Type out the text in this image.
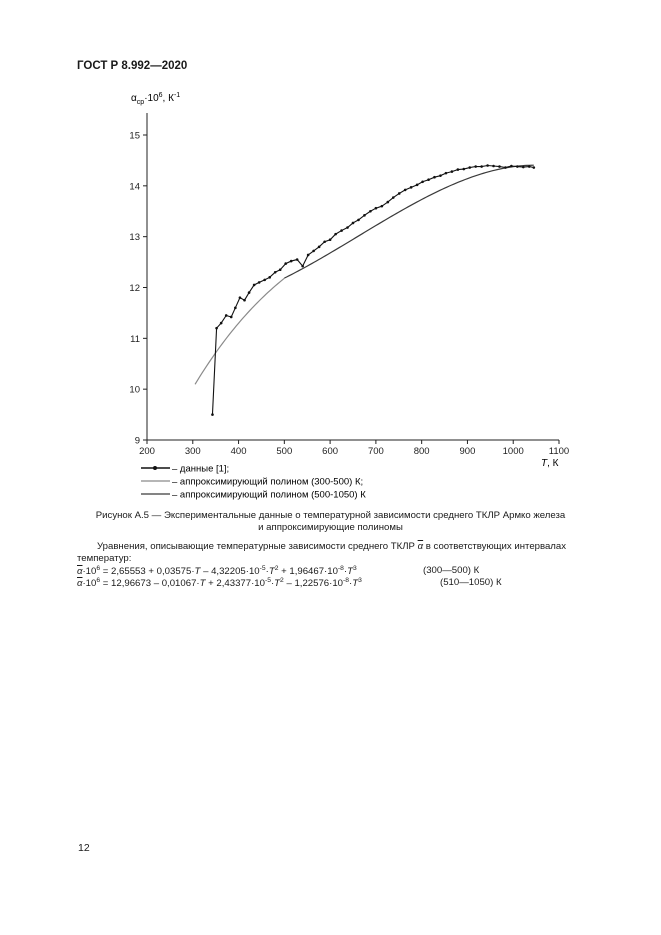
ГОСТ Р 8.992—2020
200	300	400	500	600	700	800	900	1000	1100
9
10
11
12
13
14
15
$\alpha_{ср}\cdot 10^6$, $К^{-1}$
T, К
– данные [1];
– аппроксимирующий полином (300-500) К;
– аппроксимирующий полином (500-1050) К
Рисунок А.5 — Экспериментальные данные о температурной зависимости среднего ТКЛР Армко железа
и аппроксимирующие полиномы
Уравнения, описывающие температурные зависимости среднего ТКЛР $\overline{\alpha}$ в соответствующих интервалах температур:
$\overline{\alpha}\cdot 10^6 = 2,65553 + 0,03575\cdot T - 4,32205\cdot 10^{-5}\cdot T^2 + 1,96467\cdot 10^{-8}\cdot T^3$	(300—500) К
$\overline{\alpha}\cdot 10^6 = 12,96673 - 0,01067\cdot T + 2,43377\cdot 10^{-5}\cdot T^2 - 1,22576\cdot 10^{-8}\cdot T^3$	(510—1050) К
12
